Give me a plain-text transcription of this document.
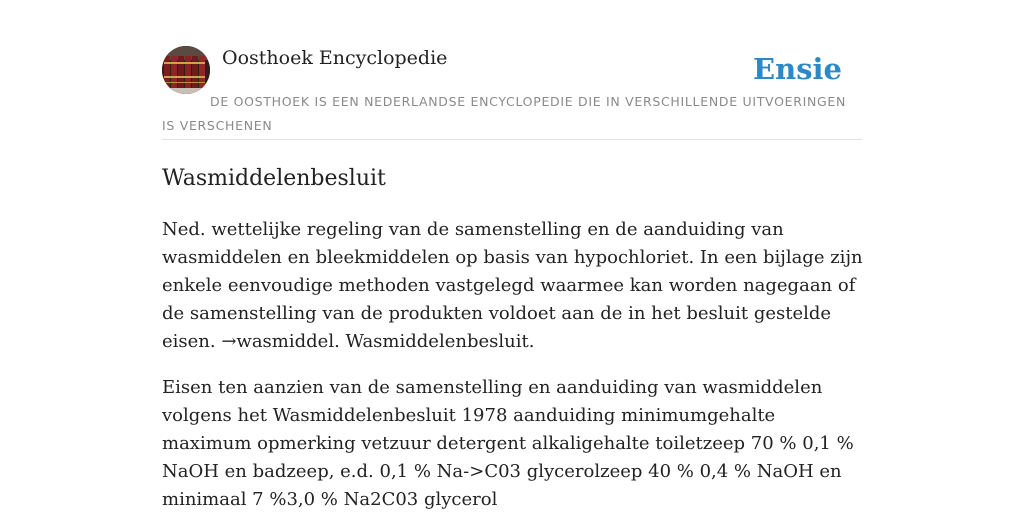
Oosthoek Encyclopedie	Ensie
DE OOSTHOEK IS EEN NEDERLANDSE ENCYCLOPEDIE DIE IN VERSCHILLENDE UITVOERINGEN IS VERSCHENEN
Wasmiddelenbesluit

Ned. wettelijke regeling van de samenstelling en de aanduiding van wasmiddelen en bleekmiddelen op basis van hypochloriet. In een bijlage zijn enkele eenvoudige methoden vastgelegd waarmee kan worden nagegaan of de samenstelling van de produkten voldoet aan de in het besluit gestelde eisen. →wasmiddel. Wasmiddelenbesluit.

Eisen ten aanzien van de samenstelling en aanduiding van wasmiddelen volgens het Wasmiddelenbesluit 1978 aanduiding minimumgehalte maximum opmerking vetzuur detergent alkaligehalte toiletzeep 70 % 0,1 % NaOH en badzeep, e.d. 0,1 % Na->C03 glycerolzeep 40 % 0,4 % NaOH en minimaal 7 %3,0 % Na2C03 glycerol
